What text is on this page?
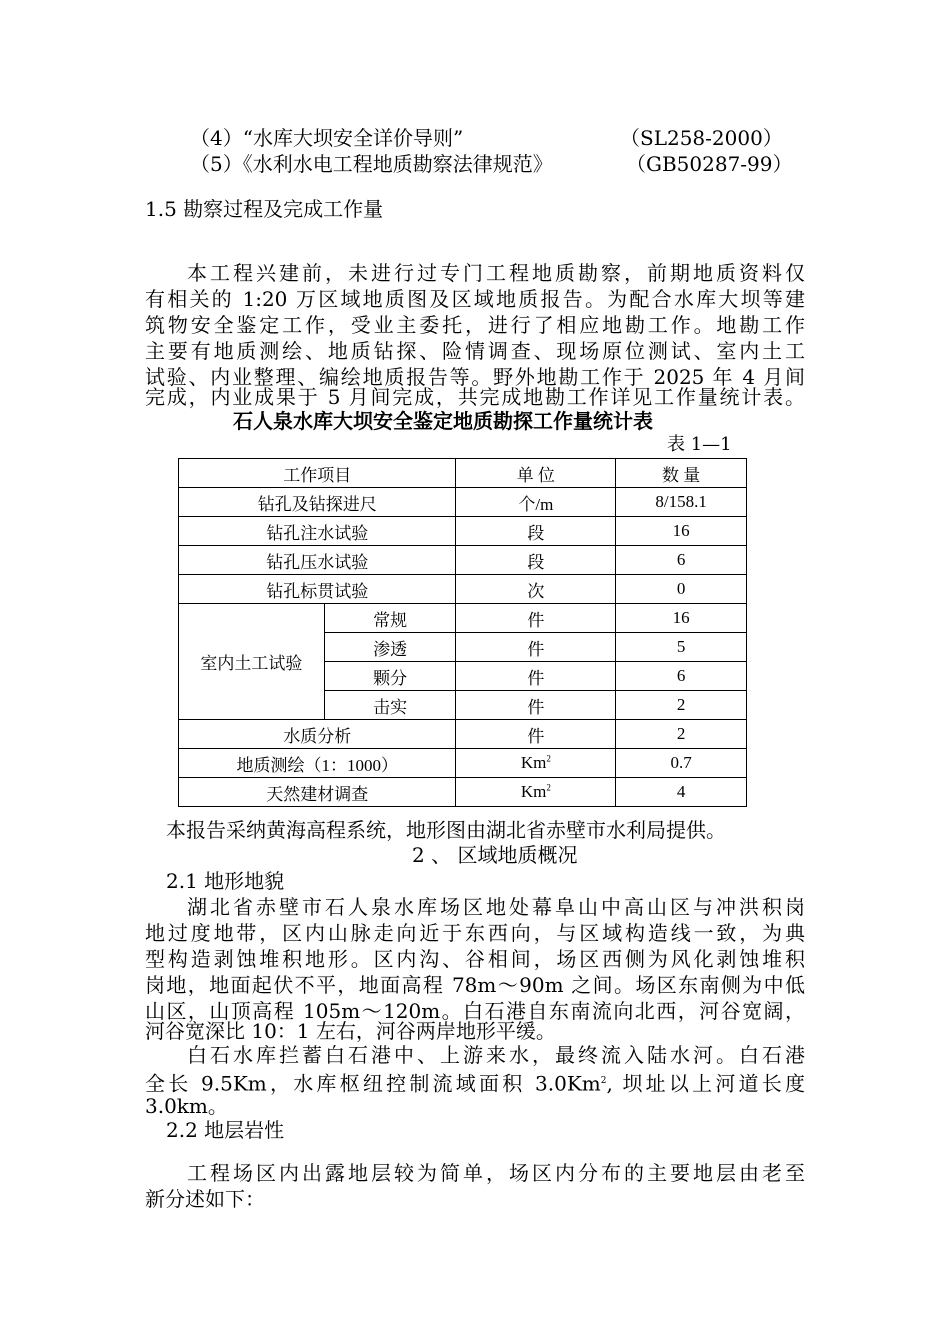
（4）“水库大坝安全详价导则”	（SL258-2000）
（5）《水利水电工程地质勘察法律规范》	（GB50287-99）
1.5 勘察过程及完成工作量
本工程兴建前，未进行过专门工程地质勘察，前期地质资料仅
有相关的 1:20 万区域地质图及区域地质报告。为配合水库大坝等建
筑物安全鉴定工作，受业主委托，进行了相应地勘工作。地勘工作
主要有地质测绘、地质钻探、险情调查、现场原位测试、室内土工
试验、内业整理、编绘地质报告等。野外地勘工作于 2025 年 4 月间
完成，内业成果于 5 月间完成，共完成地勘工作详见工作量统计表。
石人泉水库大坝安全鉴定地质勘探工作量统计表
表 1—1
工作项目		单 位	数 量
钻孔及钻探进尺		个/m	8/158.1
钻孔注水试验		段	16
钻孔压水试验		段	6
钻孔标贯试验		次	0
室内土工试验	常规	件	16
	渗透	件	5
	颗分	件	6
	击实	件	2
水质分析		件	2
地质测绘（1：1000）		Km$^2$	0.7
天然建材调查		Km$^2$	4
本报告采纳黄海高程系统，地形图由湖北省赤壁市水利局提供。
2 、 区域地质概况
2.1 地形地貌
湖北省赤壁市石人泉水库场区地处幕阜山中高山区与冲洪积岗
地过度地带，区内山脉走向近于东西向，与区域构造线一致，为典
型构造剥蚀堆积地形。区内沟、谷相间，场区西侧为风化剥蚀堆积
岗地，地面起伏不平，地面高程 78m～90m 之间。场区东南侧为中低
山区，山顶高程 105m～120m。白石港自东南流向北西，河谷宽阔，
河谷宽深比 10：1 左右，河谷两岸地形平缓。
白石水库拦蓄白石港中、上游来水，最终流入陆水河。白石港
全长 9.5Km，水库枢纽控制流域面积 3.0Km$^2$, 坝址以上河道长度
3.0km。
2.2 地层岩性
工程场区内出露地层较为简单，场区内分布的主要地层由老至
新分述如下：
